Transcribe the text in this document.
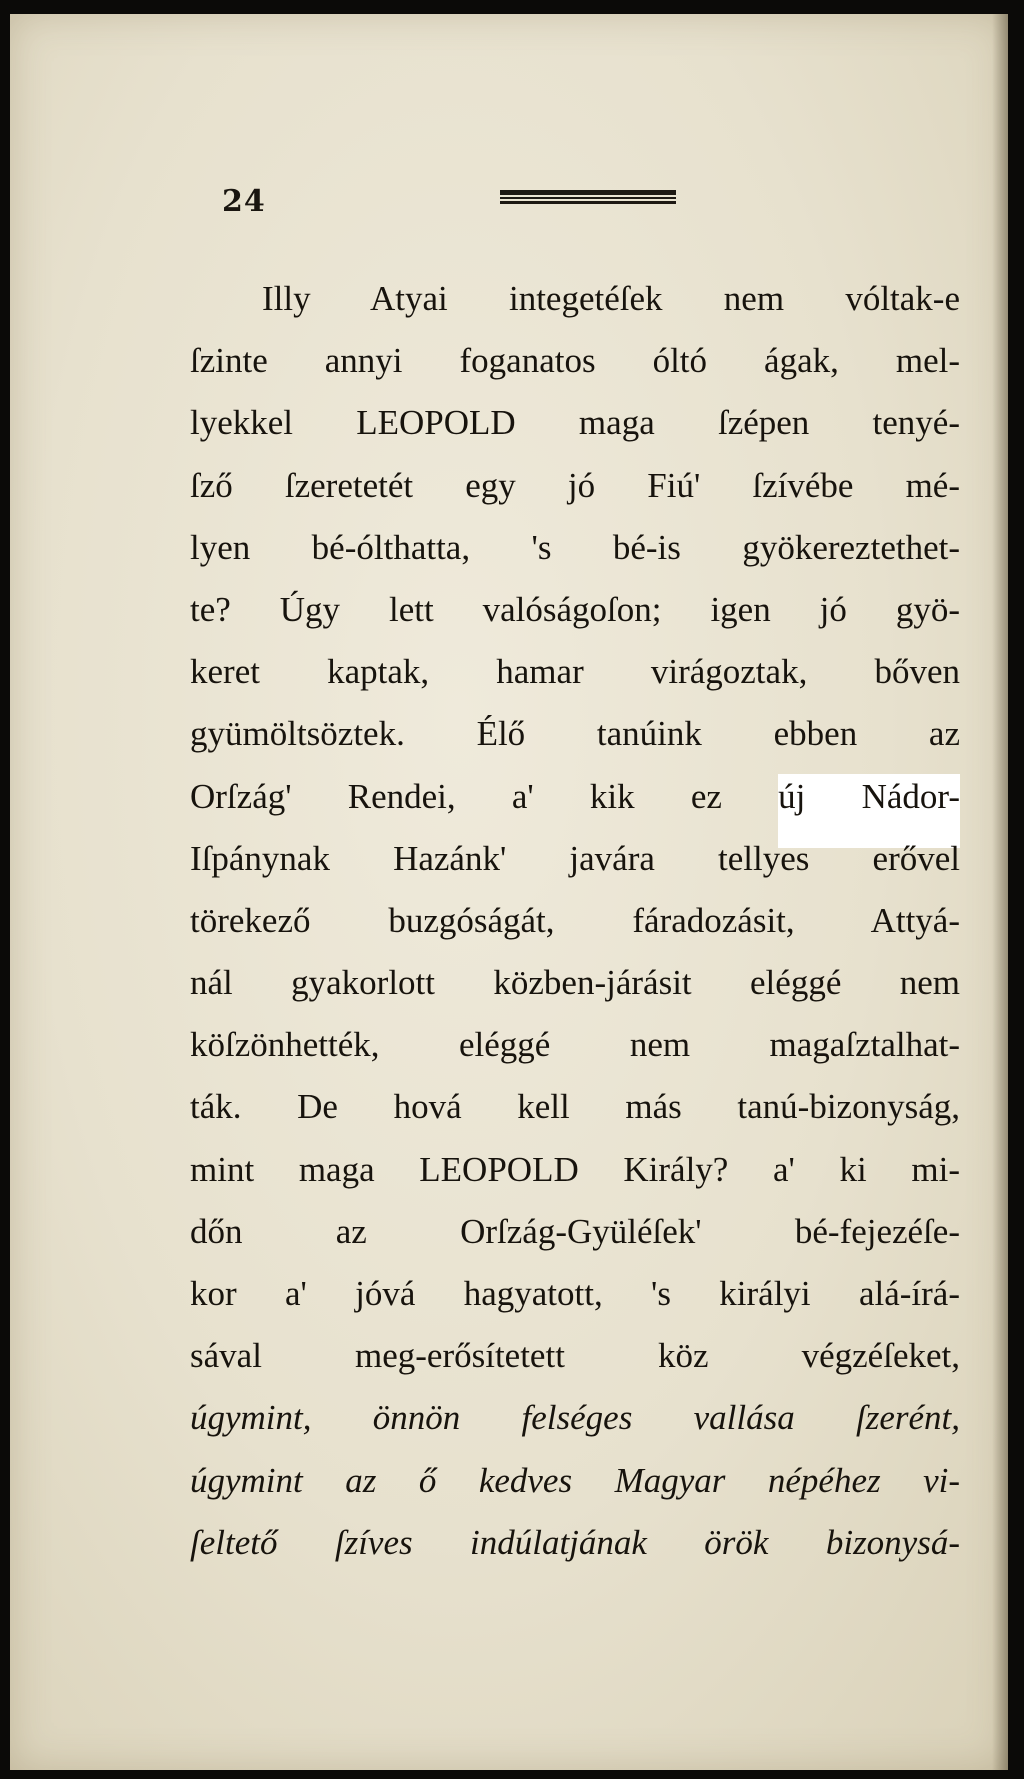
24
Illy Atyai integetéſek nem vóltak-e
ſzinte annyi foganatos óltó ágak, mel-
lyekkel LEOPOLD maga ſzépen tenyé-
ſző ſzeretetét egy jó Fiú' ſzívébe mé-
lyen bé-ólthatta, 's bé-is gyökereztethet-
te? Úgy lett valóságoſon; igen jó gyö-
keret kaptak, hamar virágoztak, bőven
gyümöltsöztek. Élő tanúink ebben az
Orſzág' Rendei, a' kik ez új Nádor-
Iſpánynak Hazánk' javára tellyes erővel
törekező buzgóságát, fáradozásit, Attyá-
nál gyakorlott közben-járásit eléggé nem
köſzönhették, eléggé nem magaſztalhat-
ták. De hová kell más tanú-bizonyság,
mint maga LEOPOLD Király? a' ki mi-
dőn az Orſzág-Gyüléſek' bé-fejezéſe-
kor a' jóvá hagyatott, 's királyi alá-írá-
sával meg-erősítetett köz végzéſeket,
úgymint, önnön felséges vallása ſzerént,
úgymint az ő kedves Magyar népéhez vi-
ſeltető ſzíves indúlatjának örök bizonysá-
